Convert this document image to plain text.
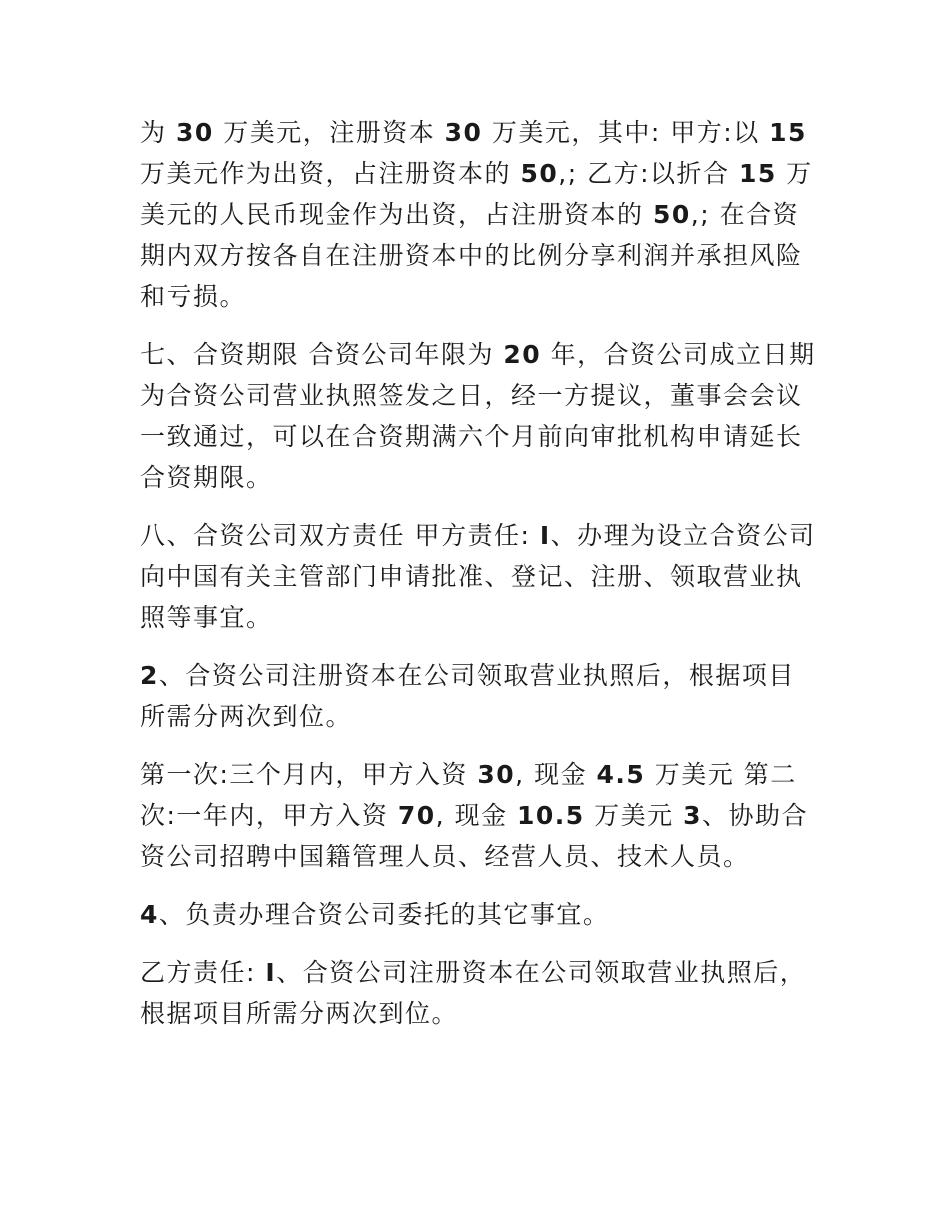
为 30 万美元，注册资本 30 万美元，其中: 甲方:以 15 万美元作为出资，占注册资本的 50,; 乙方:以折合 15 万美元的人民币现金作为出资，占注册资本的 50,; 在合资期内双方按各自在注册资本中的比例分享利润并承担风险和亏损。

七、合资期限 合资公司年限为 20 年，合资公司成立日期为合资公司营业执照签发之日，经一方提议，董事会会议一致通过，可以在合资期满六个月前向审批机构申请延长合资期限。

八、合资公司双方责任 甲方责任: I、办理为设立合资公司向中国有关主管部门申请批准、登记、注册、领取营业执照等事宜。

2、合资公司注册资本在公司领取营业执照后，根据项目所需分两次到位。

第一次:三个月内，甲方入资 30, 现金 4.5 万美元 第二次:一年内，甲方入资 70, 现金 10.5 万美元 3、协助合资公司招聘中国籍管理人员、经营人员、技术人员。

4、负责办理合资公司委托的其它事宜。

乙方责任: I、合资公司注册资本在公司领取营业执照后，根据项目所需分两次到位。
